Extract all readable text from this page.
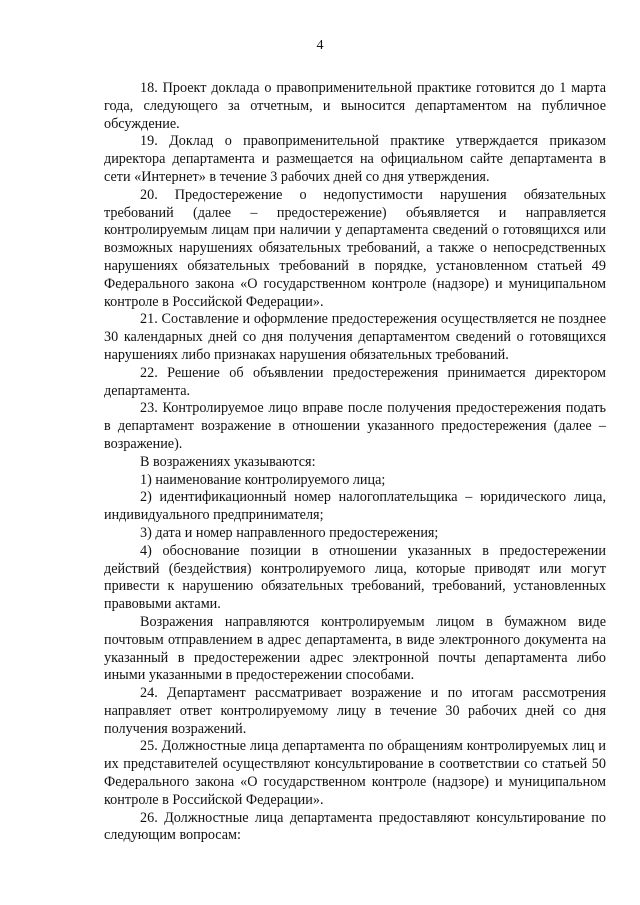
4

18. Проект доклада о правоприменительной практике готовится до 1 марта года, следующего за отчетным, и выносится департаментом на публичное обсуждение.

19. Доклад о правоприменительной практике утверждается приказом директора департамента и размещается на официальном сайте департамента в сети «Интернет» в течение 3 рабочих дней со дня утверждения.

20. Предостережение о недопустимости нарушения обязательных требований (далее – предостережение) объявляется и направляется контролируемым лицам при наличии у департамента сведений о готовящихся или возможных нарушениях обязательных требований, а также о непосредственных нарушениях обязательных требований в порядке, установленном статьей 49 Федерального закона «О государственном контроле (надзоре) и муниципальном контроле в Российской Федерации».

21. Составление и оформление предостережения осуществляется не позднее 30 календарных дней со дня получения департаментом сведений о готовящихся нарушениях либо признаках нарушения обязательных требований.

22. Решение об объявлении предостережения принимается директором департамента.

23. Контролируемое лицо вправе после получения предостережения подать в департамент возражение в отношении указанного предостережения (далее – возражение).

В возражениях указываются:

1) наименование контролируемого лица;

2) идентификационный номер налогоплательщика – юридического лица, индивидуального предпринимателя;

3) дата и номер направленного предостережения;

4) обоснование позиции в отношении указанных в предостережении действий (бездействия) контролируемого лица, которые приводят или могут привести к нарушению обязательных требований, требований, установленных правовыми актами.

Возражения направляются контролируемым лицом в бумажном виде почтовым отправлением в адрес департамента, в виде электронного документа на указанный в предостережении адрес электронной почты департамента либо иными указанными в предостережении способами.

24. Департамент рассматривает возражение и по итогам рассмотрения направляет ответ контролируемому лицу в течение 30 рабочих дней со дня получения возражений.

25. Должностные лица департамента по обращениям контролируемых лиц и их представителей осуществляют консультирование в соответствии со статьей 50 Федерального закона «О государственном контроле (надзоре) и муниципальном контроле в Российской Федерации».

26. Должностные лица департамента предоставляют консультирование по следующим вопросам:
